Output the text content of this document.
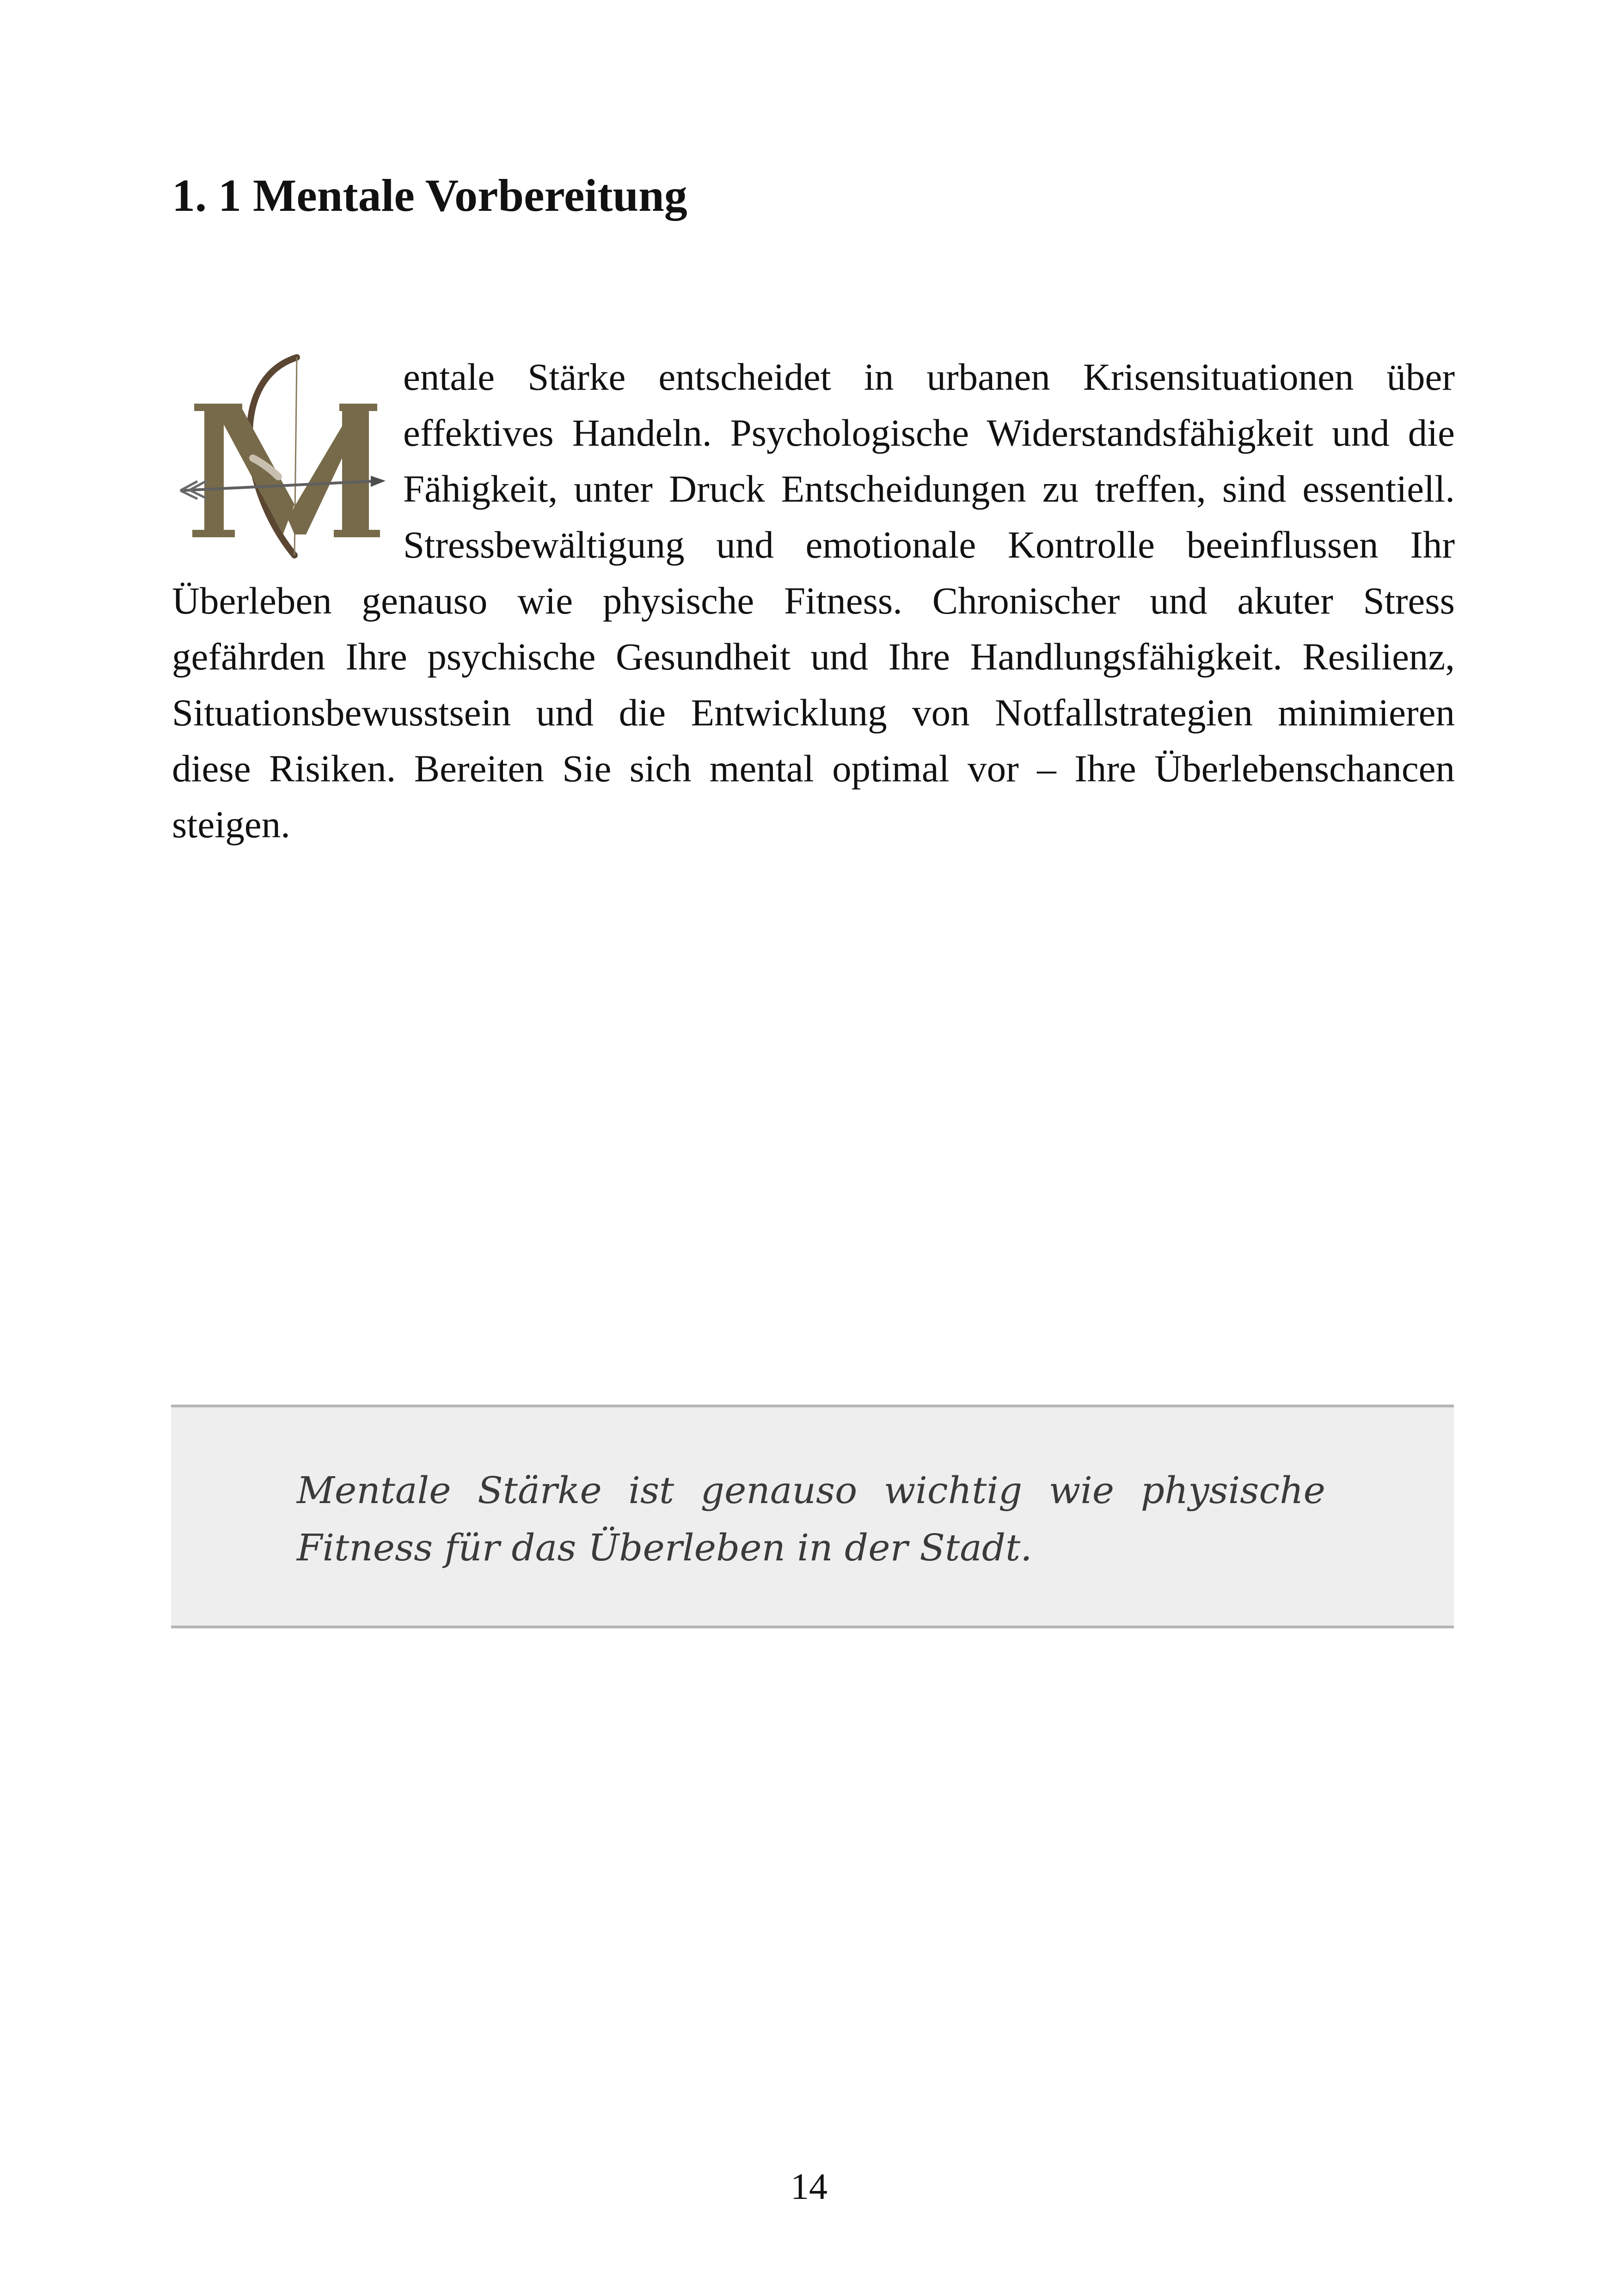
1. 1 Mentale Vorbereitung

entale Stärke entscheidet in urbanen Krisensituationen über effektives Handeln. Psychologische Widerstandsfähigkeit und die Fähigkeit, unter Druck Entscheidungen zu treffen, sind essentiell. Stressbewältigung und emotionale Kontrolle beeinflussen Ihr Überleben genauso wie physische Fitness. Chronischer und akuter Stress gefährden Ihre psychische Gesundheit und Ihre Handlungsfähigkeit. Resilienz, Situationsbewusstsein und die Entwicklung von Notfallstrategien minimieren diese Risiken. Bereiten Sie sich mental optimal vor – Ihre Überlebenschancen steigen.

Mentale Stärke ist genauso wichtig wie physische Fitness für das Überleben in der Stadt.

14
